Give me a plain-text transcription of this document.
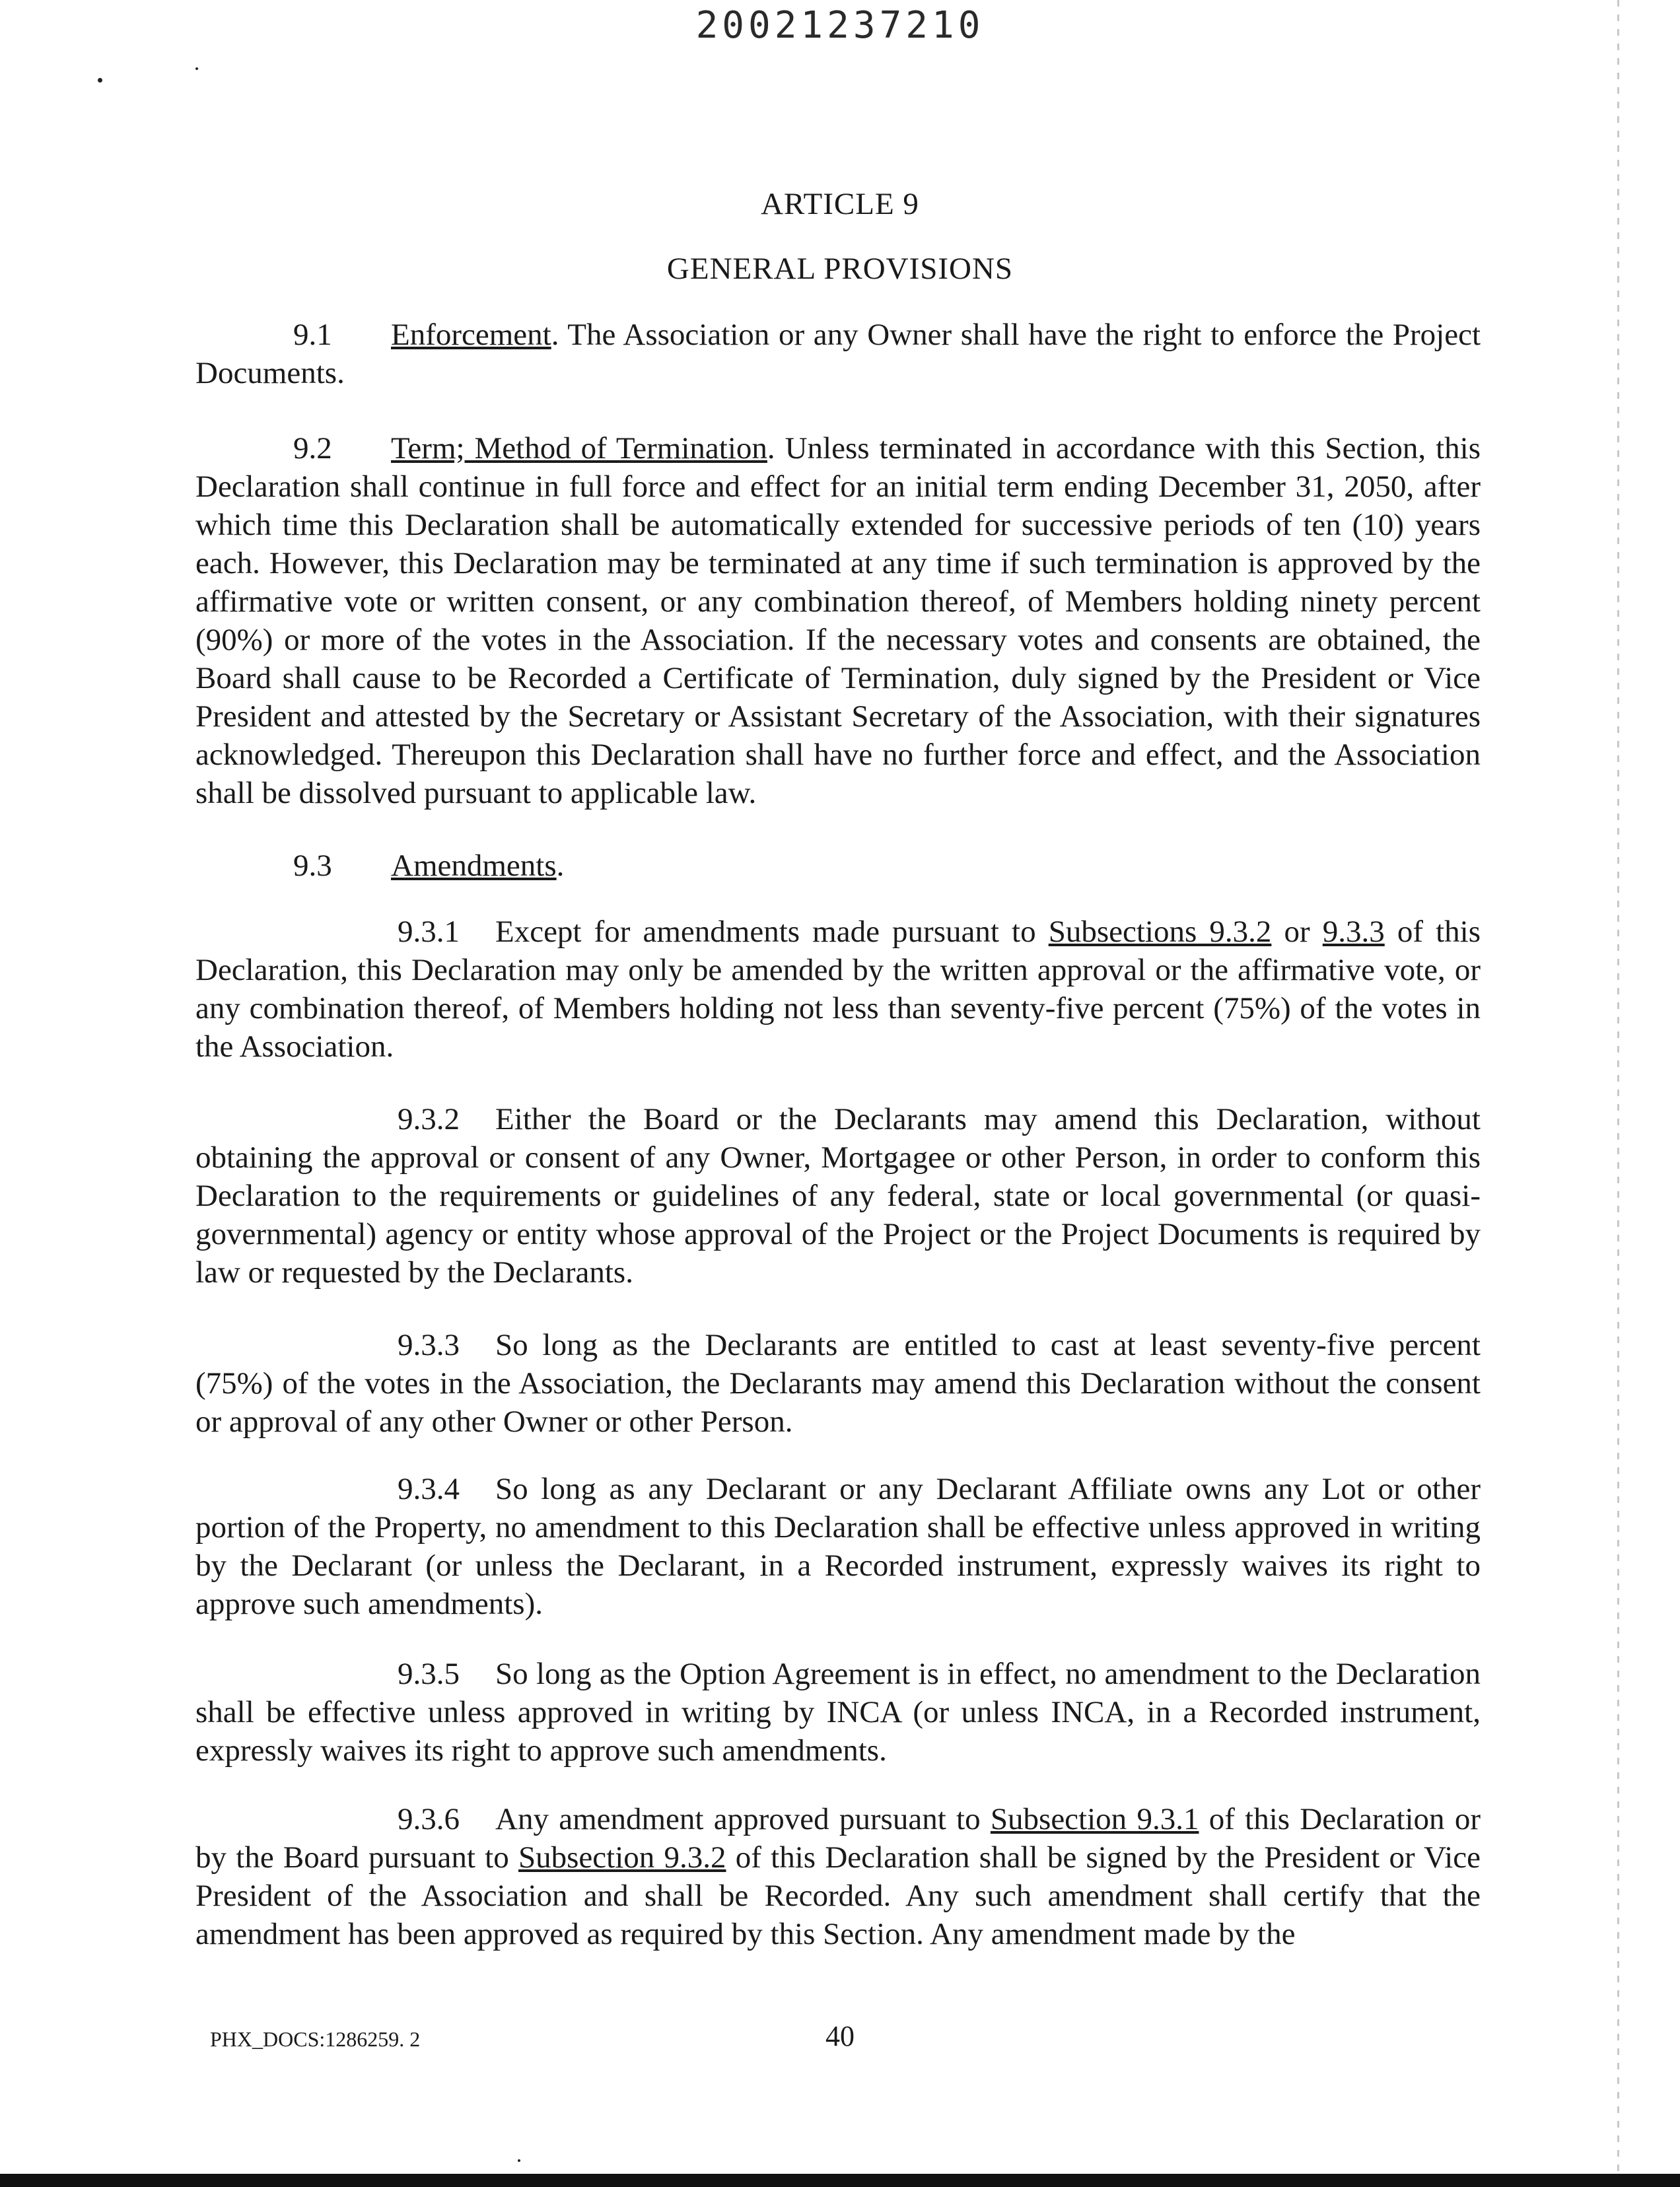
20021237210
ARTICLE 9
GENERAL PROVISIONS
9.1 Enforcement. The Association or any Owner shall have the right to enforce the Project Documents.
9.2 Term; Method of Termination. Unless terminated in accordance with this Section, this Declaration shall continue in full force and effect for an initial term ending December 31, 2050, after which time this Declaration shall be automatically extended for successive periods of ten (10) years each. However, this Declaration may be terminated at any time if such termination is approved by the affirmative vote or written consent, or any combination thereof, of Members holding ninety percent (90%) or more of the votes in the Association. If the necessary votes and consents are obtained, the Board shall cause to be Recorded a Certificate of Termination, duly signed by the President or Vice President and attested by the Secretary or Assistant Secretary of the Association, with their signatures acknowledged. Thereupon this Declaration shall have no further force and effect, and the Association shall be dissolved pursuant to applicable law.
9.3 Amendments.
9.3.1 Except for amendments made pursuant to Subsections 9.3.2 or 9.3.3 of this Declaration, this Declaration may only be amended by the written approval or the affirmative vote, or any combination thereof, of Members holding not less than seventy-five percent (75%) of the votes in the Association.
9.3.2 Either the Board or the Declarants may amend this Declaration, without obtaining the approval or consent of any Owner, Mortgagee or other Person, in order to conform this Declaration to the requirements or guidelines of any federal, state or local governmental (or quasi-governmental) agency or entity whose approval of the Project or the Project Documents is required by law or requested by the Declarants.
9.3.3 So long as the Declarants are entitled to cast at least seventy-five percent (75%) of the votes in the Association, the Declarants may amend this Declaration without the consent or approval of any other Owner or other Person.
9.3.4 So long as any Declarant or any Declarant Affiliate owns any Lot or other portion of the Property, no amendment to this Declaration shall be effective unless approved in writing by the Declarant (or unless the Declarant, in a Recorded instrument, expressly waives its right to approve such amendments).
9.3.5 So long as the Option Agreement is in effect, no amendment to the Declaration shall be effective unless approved in writing by INCA (or unless INCA, in a Recorded instrument, expressly waives its right to approve such amendments.
9.3.6 Any amendment approved pursuant to Subsection 9.3.1 of this Declaration or by the Board pursuant to Subsection 9.3.2 of this Declaration shall be signed by the President or Vice President of the Association and shall be Recorded. Any such amendment shall certify that the amendment has been approved as required by this Section. Any amendment made by the
PHX_DOCS:1286259. 2	40
